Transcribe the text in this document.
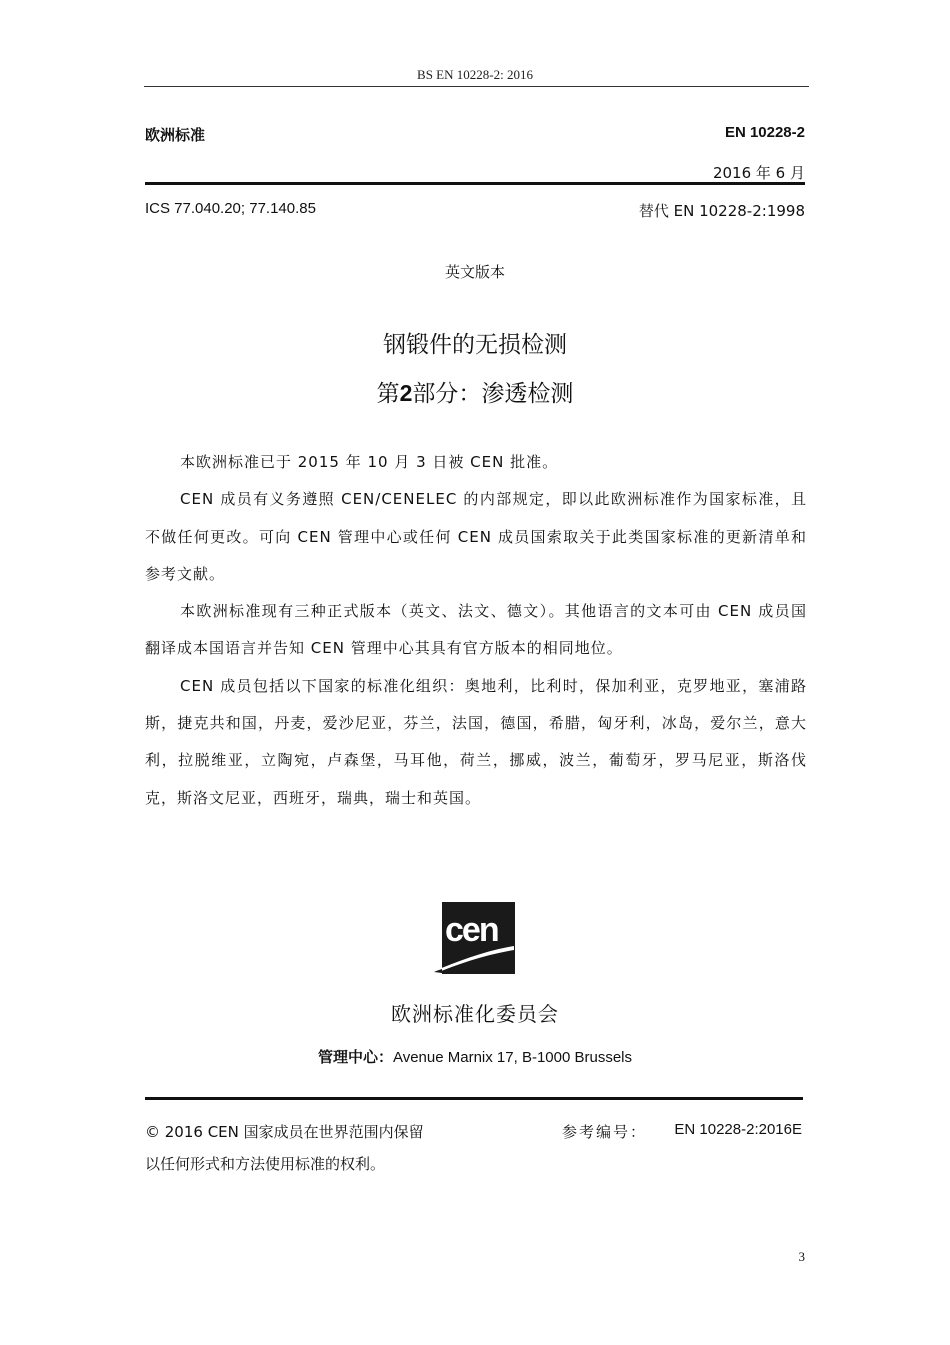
BS EN 10228-2: 2016
欧洲标准	EN 10228-2
2016 年 6 月
ICS 77.040.20; 77.140.85	替代 EN 10228-2:1998
英文版本
钢锻件的无损检测
第2部分：渗透检测

本欧洲标准已于 2015 年 10 月 3 日被 CEN 批准。

CEN 成员有义务遵照 CEN/CENELEC 的内部规定，即以此欧洲标准作为国家标准，且不做任何更改。可向 CEN 管理中心或任何 CEN 成员国索取关于此类国家标准的更新清单和参考文献。

本欧洲标准现有三种正式版本（英文、法文、德文）。其他语言的文本可由 CEN 成员国翻译成本国语言并告知 CEN 管理中心其具有官方版本的相同地位。

CEN 成员包括以下国家的标准化组织：奥地利，比利时，保加利亚，克罗地亚，塞浦路斯，捷克共和国，丹麦，爱沙尼亚，芬兰，法国，德国，希腊，匈牙利，冰岛，爱尔兰，意大利，拉脱维亚，立陶宛，卢森堡，马耳他，荷兰，挪威，波兰，葡萄牙，罗马尼亚，斯洛伐克，斯洛文尼亚，西班牙，瑞典，瑞士和英国。

cen
欧洲标准化委员会
管理中心：Avenue Marnix 17, B-1000 Brussels
© 2016 CEN 国家成员在世界范围内保留
以任何形式和方法使用标准的权利。
参考编号： EN 10228-2:2016E
3
